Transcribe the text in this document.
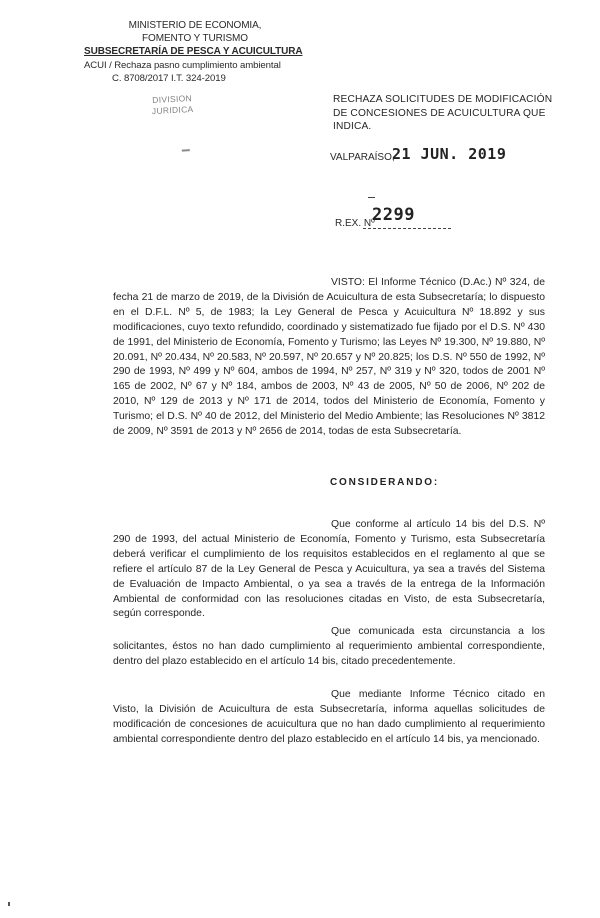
MINISTERIO DE ECONOMIA,
FOMENTO Y TURISMO
SUBSECRETARÍA DE PESCA Y ACUICULTURA
ACUI / Rechaza pasno cumplimiento ambiental
C. 8708/2017 I.T. 324-2019
DIVISION
JURIDICA
RECHAZA SOLICITUDES DE MODIFICACIÓN DE CONCESIONES DE ACUICULTURA QUE INDICA.
VALPARAÍSO,
21 JUN. 2019
R.EX. Nº
2299
VISTO: El Informe Técnico (D.Ac.) Nº 324, de fecha 21 de marzo de 2019, de la División de Acuicultura de esta Subsecretaría; lo dispuesto en el D.F.L. Nº 5, de 1983; la Ley General de Pesca y Acuicultura Nº 18.892 y sus modificaciones, cuyo texto refundido, coordinado y sistematizado fue fijado por el D.S. Nº 430 de 1991, del Ministerio de Economía, Fomento y Turismo; las Leyes Nº 19.300, Nº 19.880, Nº 20.091, Nº 20.434, Nº 20.583, Nº 20.597, Nº 20.657 y Nº 20.825; los D.S. Nº 550 de 1992, Nº 290 de 1993, Nº 499 y Nº 604, ambos de 1994, Nº 257, Nº 319 y Nº 320, todos de 2001 Nº 165 de 2002, Nº 67 y Nº 184, ambos de 2003, Nº 43 de 2005, Nº 50 de 2006, Nº 202 de 2010, Nº 129 de 2013 y Nº 171 de 2014, todos del Ministerio de Economía, Fomento y Turismo; el D.S. Nº 40 de 2012, del Ministerio del Medio Ambiente; las Resoluciones Nº 3812 de 2009, Nº 3591 de 2013 y Nº 2656 de 2014, todas de esta Subsecretaría.
CONSIDERANDO:
Que conforme al artículo 14 bis del D.S. Nº 290 de 1993, del actual Ministerio de Economía, Fomento y Turismo, esta Subsecretaría deberá verificar el cumplimiento de los requisitos establecidos en el reglamento al que se refiere el artículo 87 de la Ley General de Pesca y Acuicultura, ya sea a través del Sistema de Evaluación de Impacto Ambiental, o ya sea a través de la entrega de la Información Ambiental de conformidad con las resoluciones citadas en Visto, de esta Subsecretaría, según corresponde.
Que comunicada esta circunstancia a los solicitantes, éstos no han dado cumplimiento al requerimiento ambiental correspondiente, dentro del plazo establecido en el artículo 14 bis, citado precedentemente.
Que mediante Informe Técnico citado en Visto, la División de Acuicultura de esta Subsecretaría, informa aquellas solicitudes de modificación de concesiones de acuicultura que no han dado cumplimiento al requerimiento ambiental correspondiente dentro del plazo establecido en el artículo 14 bis, ya mencionado.
